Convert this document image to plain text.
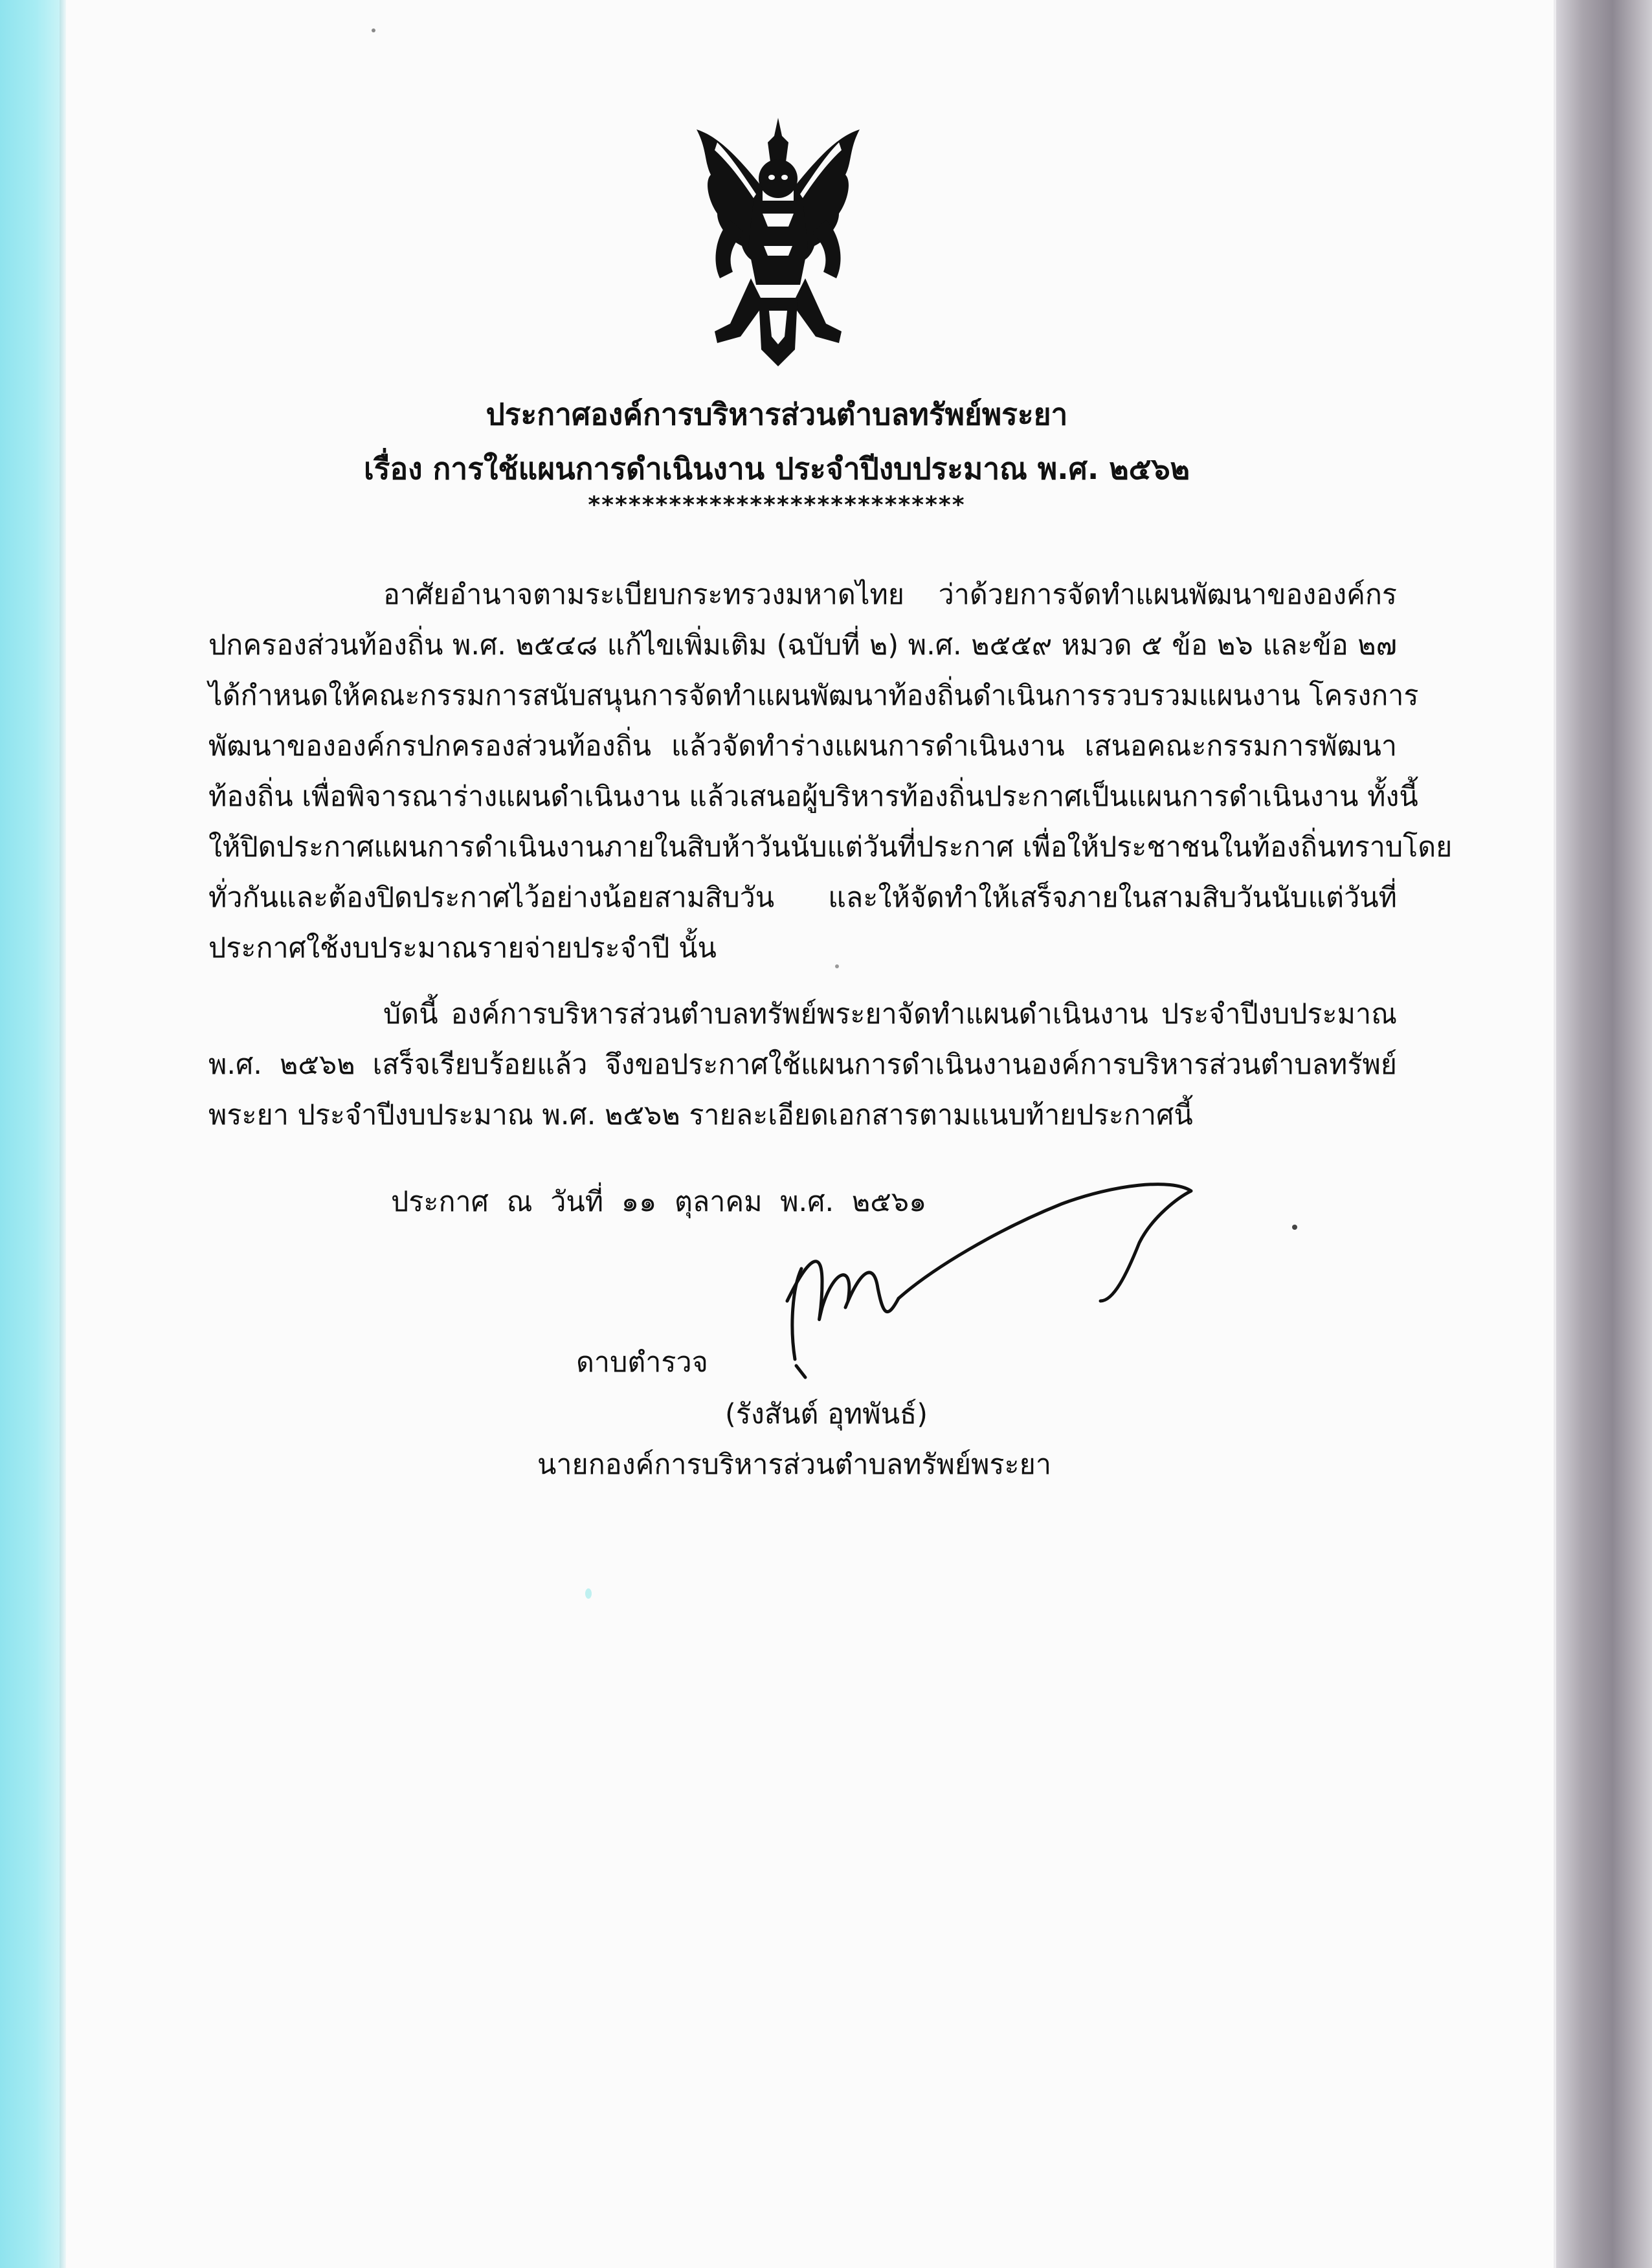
ประกาศองค์การบริหารส่วนตำบลทรัพย์พระยา
เรื่อง การใช้แผนการดำเนินงาน ประจำปีงบประมาณ พ.ศ. ๒๕๖๒
****************************
อาศัยอำนาจตามระเบียบกระทรวงมหาดไทย ว่าด้วยการจัดทำแผนพัฒนาขององค์กร
ปกครองส่วนท้องถิ่น พ.ศ. ๒๕๔๘ แก้ไขเพิ่มเติม (ฉบับที่ ๒) พ.ศ. ๒๕๕๙ หมวด ๕ ข้อ ๒๖ และข้อ ๒๗
ได้กำหนดให้คณะกรรมการสนับสนุนการจัดทำแผนพัฒนาท้องถิ่นดำเนินการรวบรวมแผนงาน โครงการ
พัฒนาขององค์กรปกครองส่วนท้องถิ่น แล้วจัดทำร่างแผนการดำเนินงาน เสนอคณะกรรมการพัฒนา
ท้องถิ่น เพื่อพิจารณาร่างแผนดำเนินงาน แล้วเสนอผู้บริหารท้องถิ่นประกาศเป็นแผนการดำเนินงาน ทั้งนี้
ให้ปิดประกาศแผนการดำเนินงานภายในสิบห้าวันนับแต่วันที่ประกาศ เพื่อให้ประชาชนในท้องถิ่นทราบโดย
ทั่วกันและต้องปิดประกาศไว้อย่างน้อยสามสิบวัน และให้จัดทำให้เสร็จภายในสามสิบวันนับแต่วันที่
ประกาศใช้งบประมาณรายจ่ายประจำปี นั้น
บัดนี้ องค์การบริหารส่วนตำบลทรัพย์พระยาจัดทำแผนดำเนินงาน ประจำปีงบประมาณ
พ.ศ. ๒๕๖๒ เสร็จเรียบร้อยแล้ว จึงขอประกาศใช้แผนการดำเนินงานองค์การบริหารส่วนตำบลทรัพย์
พระยา ประจำปีงบประมาณ พ.ศ. ๒๕๖๒ รายละเอียดเอกสารตามแนบท้ายประกาศนี้
ประกาศ ณ วันที่ ๑๑ ตุลาคม พ.ศ. ๒๕๖๑
ดาบตำรวจ
(รังสันต์ อุทพันธ์)
นายกองค์การบริหารส่วนตำบลทรัพย์พระยา
